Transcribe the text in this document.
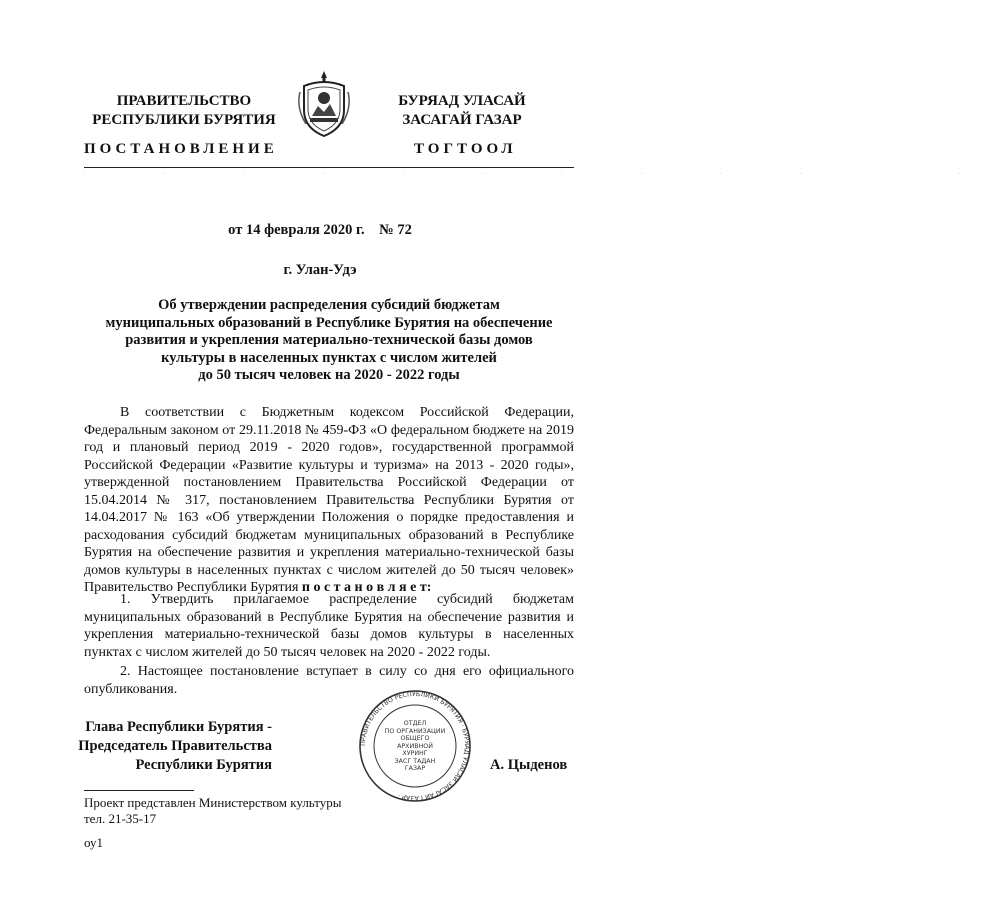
ПРАВИТЕЛЬСТВО
РЕСПУБЛИКИ БУРЯТИЯ
БУРЯАД УЛАСАЙ
ЗАСАГАЙ ГАЗАР
ПОСТАНОВЛЕНИЕ	ТОГТООЛ
· · · · · · · · · · · ·
от 14 февраля 2020 г.    № 72
г. Улан-Удэ
Об утверждении распределения субсидий бюджетам
муниципальных образований в Республике Бурятия на обеспечение
развития и укрепления материально-технической базы домов
культуры в населенных пунктах с числом жителей
до 50 тысяч человек на 2020 - 2022 годы
В соответствии с Бюджетным кодексом Российской Федерации, Федеральным законом от 29.11.2018 № 459-ФЗ «О федеральном бюджете на 2019 год и плановый период 2019 - 2020 годов», государственной программой Российской Федерации «Развитие культуры и туризма» на 2013 - 2020 годы», утвержденной постановлением Правительства Российской Федерации от 15.04.2014 № 317, постановлением Правительства Республики Бурятия от 14.04.2017 № 163 «Об утверждении Положения о порядке предоставления и расходования субсидий бюджетам муниципальных образований в Республике Бурятия на обеспечение развития и укрепления материально-технической базы домов культуры в населенных пунктах с числом жителей до 50 тысяч человек» Правительство Республики Бурятия п о с т а н о в л я е т:
1. Утвердить прилагаемое распределение субсидий бюджетам муниципальных образований в Республике Бурятия на обеспечение развития и укрепления материально-технической базы домов культуры в населенных пунктах с числом жителей до 50 тысяч человек на 2020 - 2022 годы.
2. Настоящее постановление вступает в силу со дня его официального опубликования.
Глава Республики Бурятия -
Председатель Правительства
Республики Бурятия
ПРАВИТЕЛЬСТВО РЕСПУБЛИКИ БУРЯТИЯ · БУРЯАД УЛАСАЙ ЗАСАГАЙ ГАЗАР ·
ОТДЕЛ
ПО ОРГАНИЗАЦИИ
ОБЩЕГО
АРХИВНОЙ
ХУРИНГ
ЗАСГ ТАДАН
ГАЗАР	А. Цыденов
Проект представлен Министерством культуры
тел. 21-35-17
оу1
